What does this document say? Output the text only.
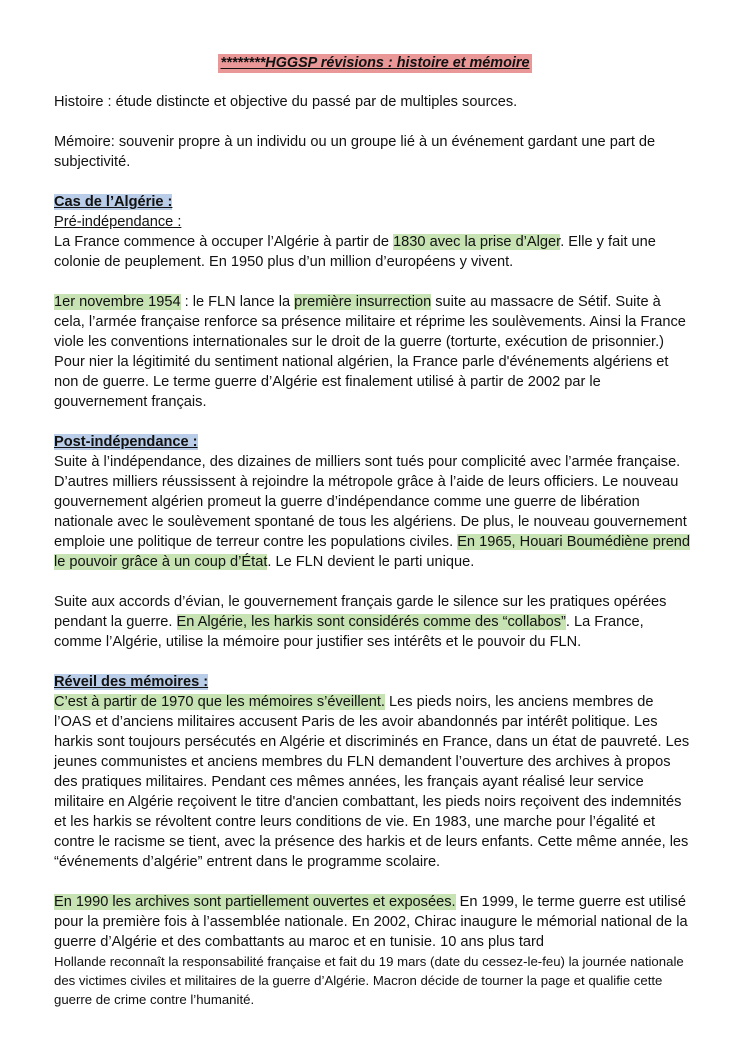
********HGGSP révisions : histoire et mémoire

Histoire : étude distincte et objective du passé par de multiples sources.

Mémoire: souvenir propre à un individu ou un groupe lié à un événement gardant une part de subjectivité.

Cas de l’Algérie :

Pré-indépendance :

La France commence à occuper l’Algérie à partir de 1830 avec la prise d’Alger. Elle y fait une colonie de peuplement. En 1950 plus d’un million d’européens y vivent.

1er novembre 1954 : le FLN lance la première insurrection suite au massacre de Sétif. Suite à cela, l’armée française renforce sa présence militaire et réprime les soulèvements. Ainsi la France viole les conventions internationales sur le droit de la guerre (torturte, exécution de prisonnier.) Pour nier la légitimité du sentiment national algérien, la France parle d'événements algériens et non de guerre. Le terme guerre d’Algérie est finalement utilisé à partir de 2002 par le gouvernement français.

Post-indépendance :

Suite à l’indépendance, des dizaines de milliers sont tués pour complicité avec l’armée française. D’autres milliers réussissent à rejoindre la métropole grâce à l’aide de leurs officiers. Le nouveau gouvernement algérien promeut la guerre d’indépendance comme une guerre de libération nationale avec le soulèvement spontané de tous les algériens. De plus, le nouveau gouvernement emploie une politique de terreur contre les populations civiles. En 1965, Houari Boumédiène prend le pouvoir grâce à un coup d’État. Le FLN devient le parti unique.

Suite aux accords d’évian, le gouvernement français garde le silence sur les pratiques opérées pendant la guerre. En Algérie, les harkis sont considérés comme des “collabos”. La France, comme l’Algérie, utilise la mémoire pour justifier ses intérêts et le pouvoir du FLN.

Réveil des mémoires :

C’est à partir de 1970 que les mémoires s’éveillent. Les pieds noirs, les anciens membres de l’OAS et d’anciens militaires accusent Paris de les avoir abandonnés par intérêt politique. Les harkis sont toujours persécutés en Algérie et discriminés en France, dans un état de pauvreté. Les jeunes communistes et anciens membres du FLN demandent l’ouverture des archives à propos des pratiques militaires. Pendant ces mêmes années, les français ayant réalisé leur service militaire en Algérie reçoivent le titre d'ancien combattant, les pieds noirs reçoivent des indemnités et les harkis se révoltent contre leurs conditions de vie. En 1983, une marche pour l’égalité et contre le racisme se tient, avec la présence des harkis et de leurs enfants. Cette même année, les “événements d’algérie” entrent dans le programme scolaire.

En 1990 les archives sont partiellement ouvertes et exposées. En 1999, le terme guerre est utilisé pour la première fois à l’assemblée nationale. En 2002, Chirac inaugure le mémorial national de la guerre d’Algérie et des combattants au maroc et en tunisie. 10 ans plus tard

Hollande reconnaît la responsabilité française et fait du 19 mars (date du cessez-le-feu) la journée nationale des victimes civiles et militaires de la guerre d’Algérie. Macron décide de tourner la page et qualifie cette guerre de crime contre l’humanité.
